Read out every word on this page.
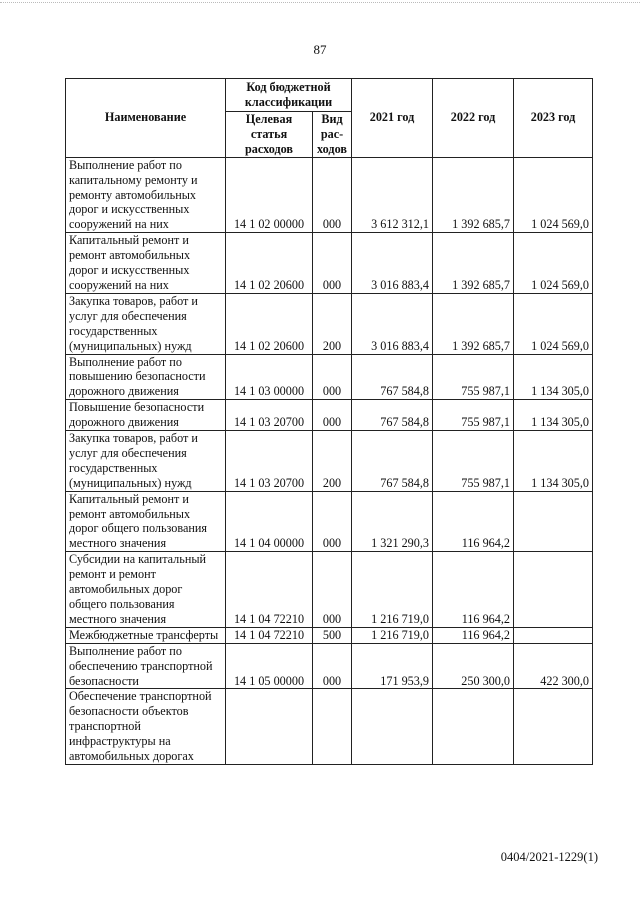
87
Наименование	Код бюджетной классификации		2021 год	2022 год	2023 год
	Целевая статья расходов	Вид рас-ходов			
Выполнение работ по капитальному ремонту и ремонту автомобильных дорог и искусственных сооружений на них	14 1 02 00000	000	3 612 312,1	1 392 685,7	1 024 569,0
Капитальный ремонт и ремонт автомобильных дорог и искусственных сооружений на них	14 1 02 20600	000	3 016 883,4	1 392 685,7	1 024 569,0
Закупка товаров, работ и услуг для обеспечения государственных (муниципальных) нужд	14 1 02 20600	200	3 016 883,4	1 392 685,7	1 024 569,0
Выполнение работ по повышению безопасности дорожного движения	14 1 03 00000	000	767 584,8	755 987,1	1 134 305,0
Повышение безопасности дорожного движения	14 1 03 20700	000	767 584,8	755 987,1	1 134 305,0
Закупка товаров, работ и услуг для обеспечения государственных (муниципальных) нужд	14 1 03 20700	200	767 584,8	755 987,1	1 134 305,0
Капитальный ремонт и ремонт автомобильных дорог общего пользования местного значения	14 1 04 00000	000	1 321 290,3	116 964,2	
Субсидии на капитальный ремонт и ремонт автомобильных дорог общего пользования местного значения	14 1 04 72210	000	1 216 719,0	116 964,2	
Межбюджетные трансферты	14 1 04 72210	500	1 216 719,0	116 964,2	
Выполнение работ по обеспечению транспортной безопасности	14 1 05 00000	000	171 953,9	250 300,0	422 300,0
Обеспечение транспортной безопасности объектов транспортной инфраструктуры на автомобильных дорогах					
0404/2021-1229(1)
